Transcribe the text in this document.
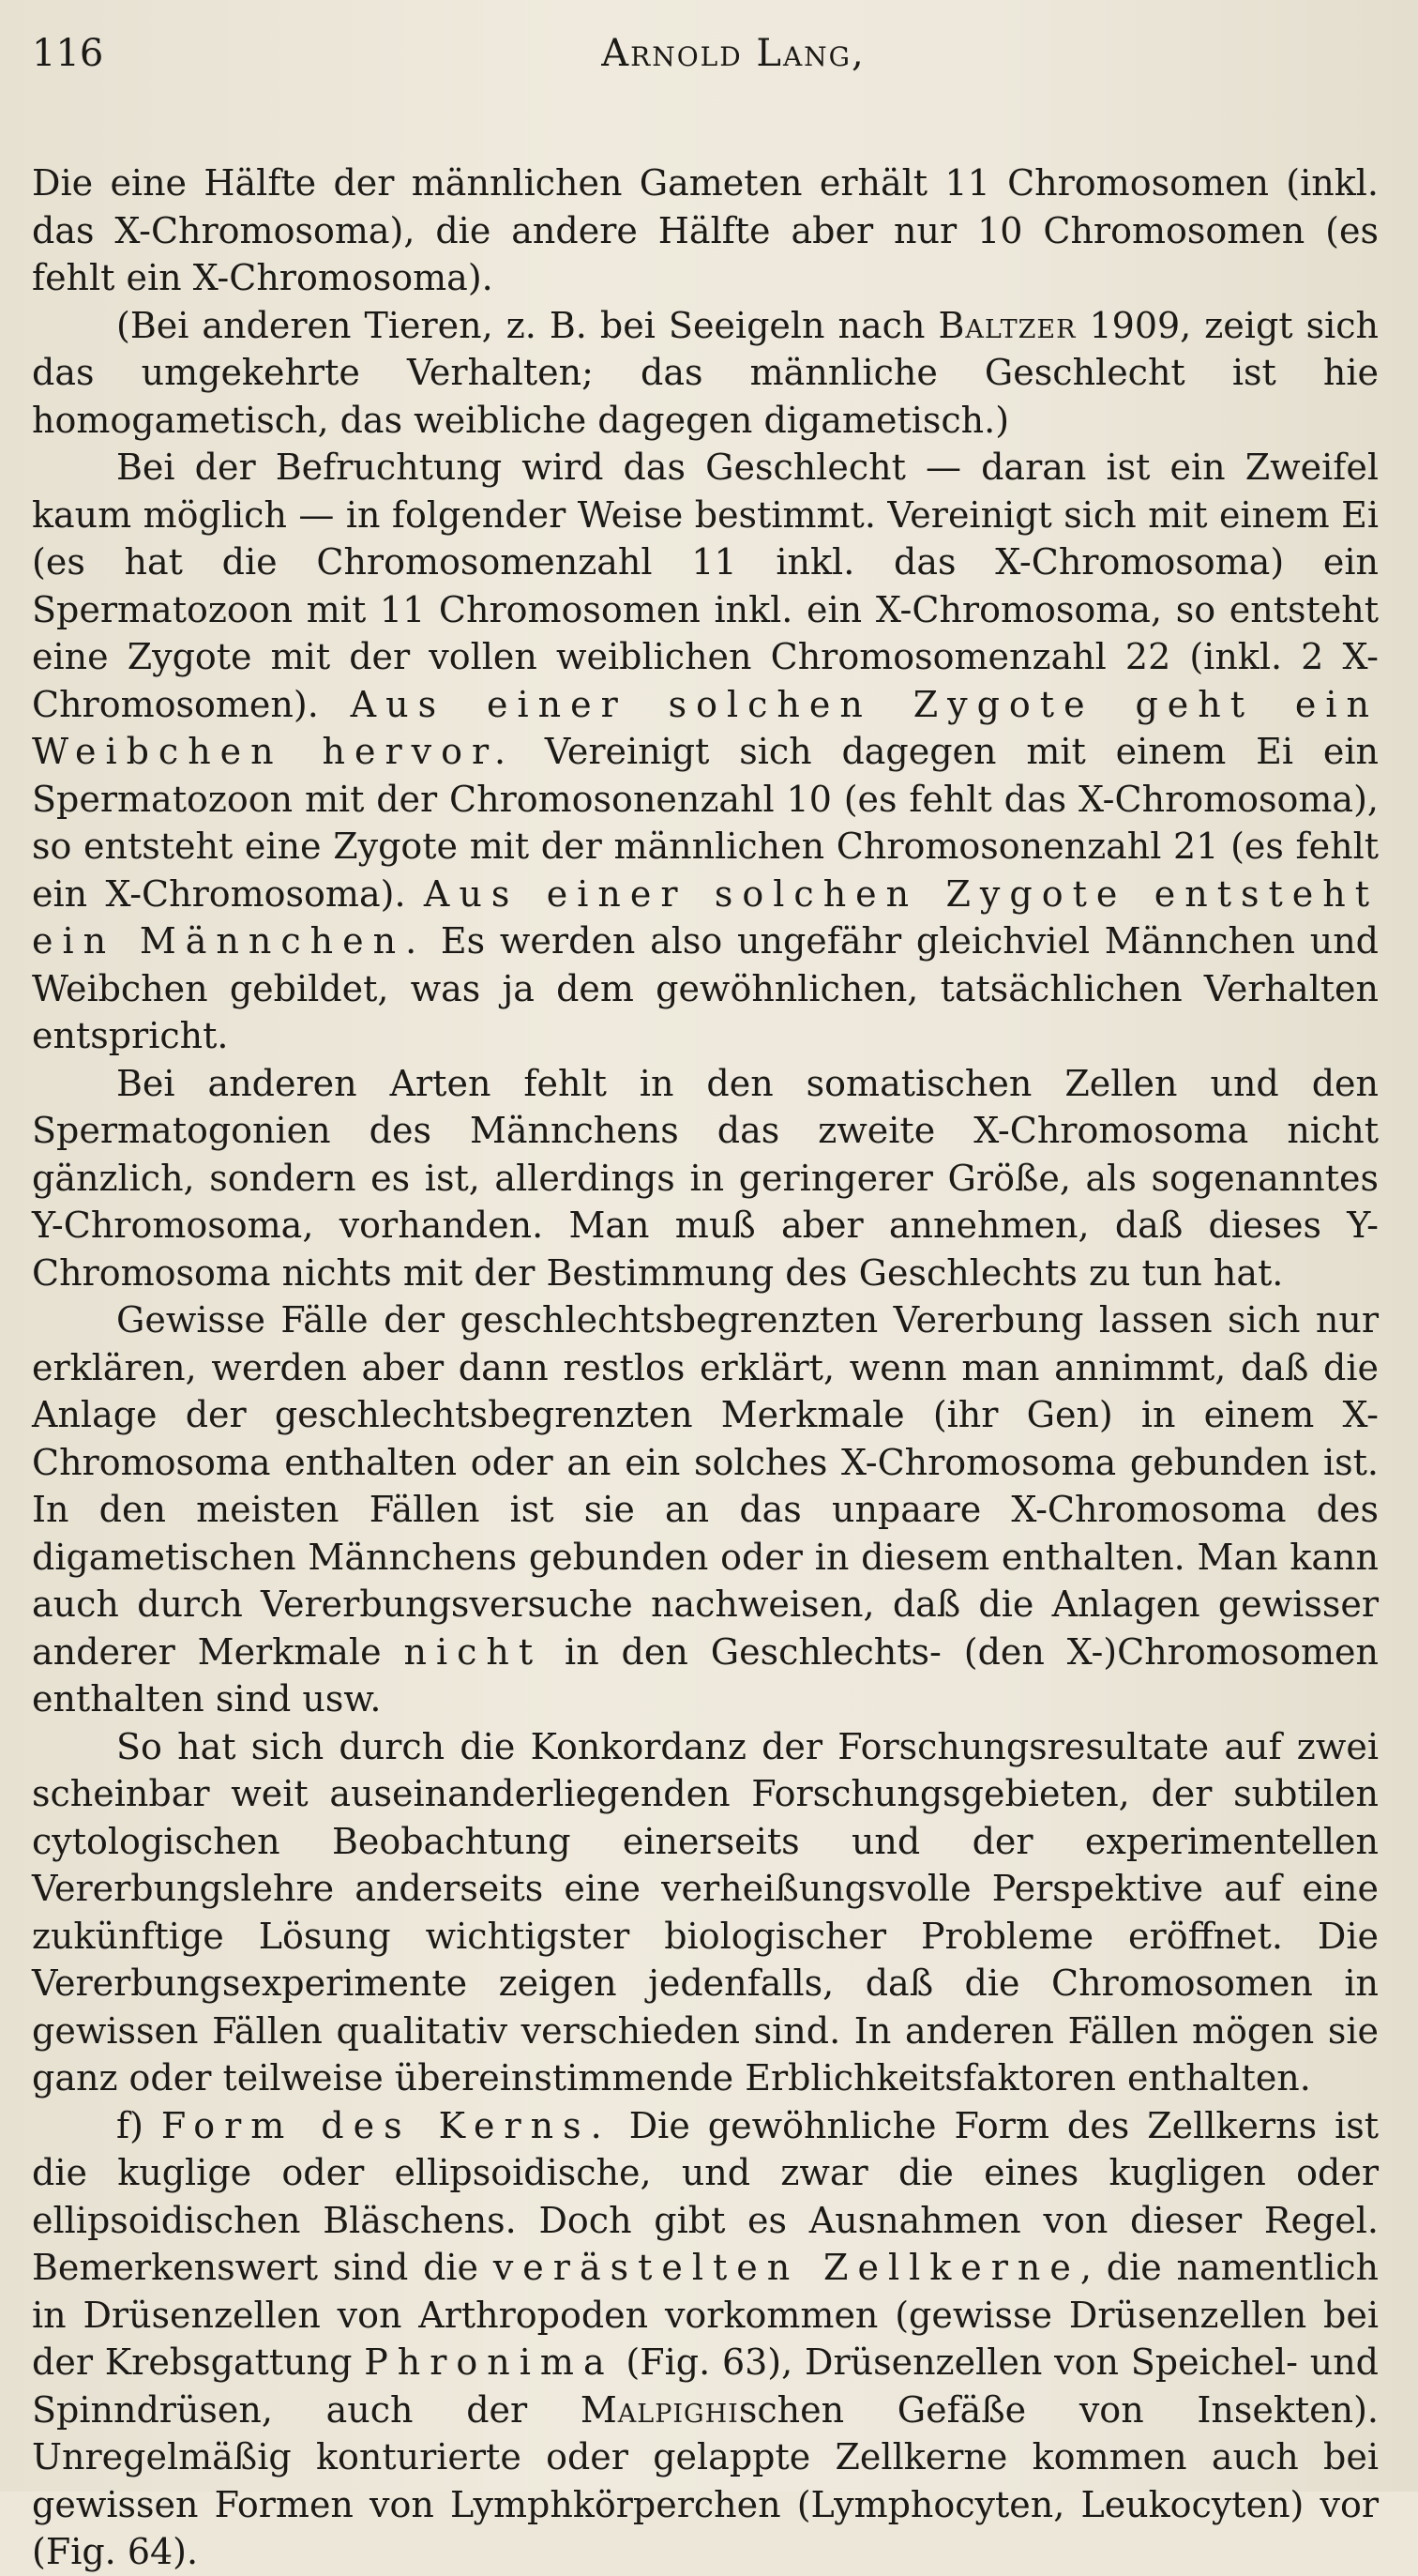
116	Arnold Lang,

Die eine Hälfte der männlichen Gameten erhält 11 Chromosomen (inkl. das X-Chromosoma), die andere Hälfte aber nur 10 Chromosomen (es fehlt ein X-Chromosoma).

(Bei anderen Tieren, z. B. bei Seeigeln nach Baltzer 1909, zeigt sich das umgekehrte Verhalten; das männliche Geschlecht ist hie homogametisch, das weibliche dagegen digametisch.)

Bei der Befruchtung wird das Geschlecht — daran ist ein Zweifel kaum möglich — in folgender Weise bestimmt. Vereinigt sich mit einem Ei (es hat die Chromosomenzahl 11 inkl. das X-Chromosoma) ein Spermatozoon mit 11 Chromosomen inkl. ein X-Chromosoma, so entsteht eine Zygote mit der vollen weiblichen Chromosomenzahl 22 (inkl. 2 X-Chromosomen). Aus einer solchen Zygote geht ein Weibchen hervor. Vereinigt sich dagegen mit einem Ei ein Spermatozoon mit der Chromosonenzahl 10 (es fehlt das X-Chromosoma), so entsteht eine Zygote mit der männlichen Chromosonenzahl 21 (es fehlt ein X-Chromosoma). Aus einer solchen Zygote entsteht ein Männchen. Es werden also ungefähr gleichviel Männchen und Weibchen gebildet, was ja dem gewöhnlichen, tatsächlichen Verhalten entspricht.

Bei anderen Arten fehlt in den somatischen Zellen und den Spermatogonien des Männchens das zweite X-Chromosoma nicht gänzlich, sondern es ist, allerdings in geringerer Größe, als sogenanntes Y-Chromosoma, vorhanden. Man muß aber annehmen, daß dieses Y-Chromosoma nichts mit der Bestimmung des Geschlechts zu tun hat.

Gewisse Fälle der geschlechtsbegrenzten Vererbung lassen sich nur erklären, werden aber dann restlos erklärt, wenn man annimmt, daß die Anlage der geschlechtsbegrenzten Merkmale (ihr Gen) in einem X-Chromosoma enthalten oder an ein solches X-Chromosoma gebunden ist. In den meisten Fällen ist sie an das unpaare X-Chromosoma des digametischen Männchens gebunden oder in diesem enthalten. Man kann auch durch Vererbungsversuche nachweisen, daß die Anlagen gewisser anderer Merkmale nicht in den Geschlechts- (den X-)Chromosomen enthalten sind usw.

So hat sich durch die Konkordanz der Forschungsresultate auf zwei scheinbar weit auseinanderliegenden Forschungsgebieten, der subtilen cytologischen Beobachtung einerseits und der experimentellen Vererbungslehre anderseits eine verheißungsvolle Perspektive auf eine zukünftige Lösung wichtigster biologischer Probleme eröffnet. Die Vererbungsexperimente zeigen jedenfalls, daß die Chromosomen in gewissen Fällen qualitativ verschieden sind. In anderen Fällen mögen sie ganz oder teilweise übereinstimmende Erblichkeitsfaktoren enthalten.

f) Form des Kerns. Die gewöhnliche Form des Zellkerns ist die kuglige oder ellipsoidische, und zwar die eines kugligen oder ellipsoidischen Bläschens. Doch gibt es Ausnahmen von dieser Regel. Bemerkenswert sind die verästelten Zellkerne, die namentlich in Drüsenzellen von Arthropoden vorkommen (gewisse Drüsenzellen bei der Krebsgattung Phronima (Fig. 63), Drüsenzellen von Speichel- und Spinndrüsen, auch der Malpighischen Gefäße von Insekten). Unregelmäßig konturierte oder gelappte Zellkerne kommen auch bei gewissen Formen von Lymphkörperchen (Lymphocyten, Leukocyten) vor (Fig. 64).
